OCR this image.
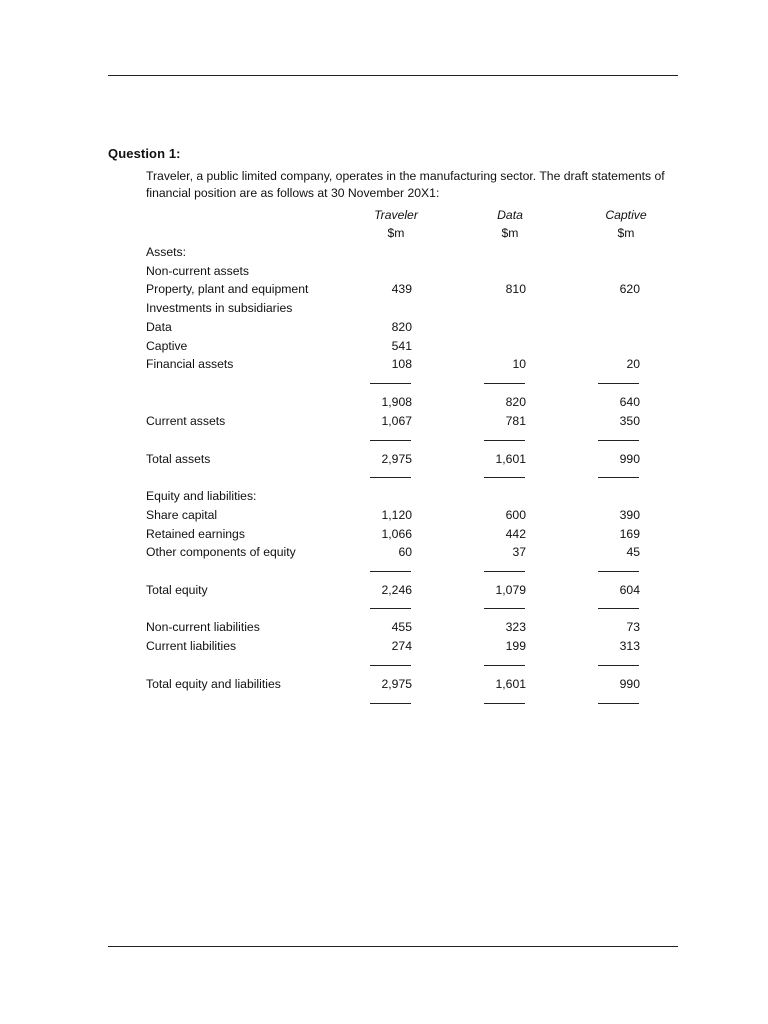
Question 1:
Traveler, a public limited company, operates in the manufacturing sector. The draft statements of financial position are as follows at 30 November 20X1:
Traveler	Data	Captive
$m	$m	$m
Assets:
Non-current assets
Property, plant and equipment	439	810	620
Investments in subsidiaries
Data	820
Captive	541
Financial assets	108	10	20
1,908	820	640
Current assets	1,067	781	350
Total assets	2,975	1,601	990
Equity and liabilities:
Share capital	1,120	600	390
Retained earnings	1,066	442	169
Other components of equity	60	37	45
Total equity	2,246	1,079	604
Non-current liabilities	455	323	73
Current liabilities	274	199	313
Total equity and liabilities	2,975	1,601	990
